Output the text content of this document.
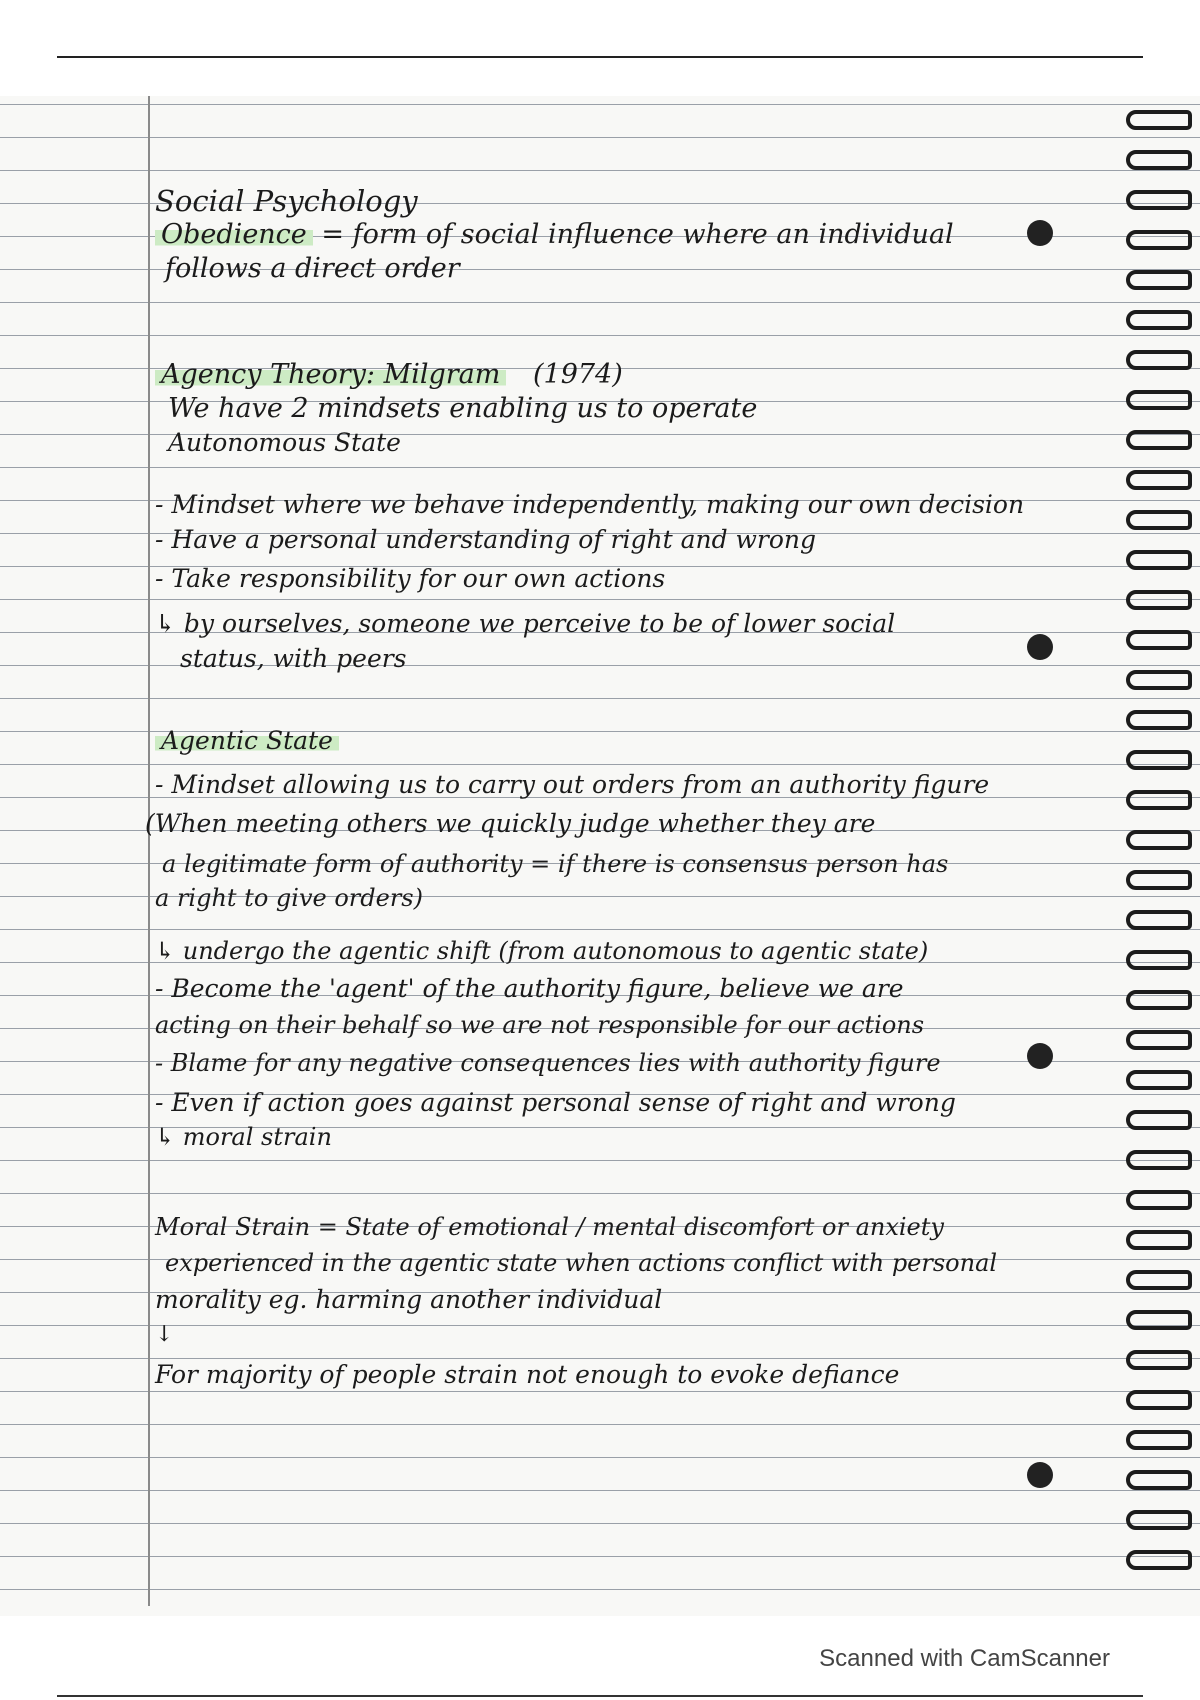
Social Psychology
Obedience = form of social influence where an individual
follows a direct order
Agency Theory: Milgram (1974)
We have 2 mindsets enabling us to operate
Autonomous State
- Mindset where we behave independently, making our own decision
- Have a personal understanding of right and wrong
- Take responsibility for our own actions
↳ by ourselves, someone we perceive to be of lower social
status, with peers
Agentic State
- Mindset allowing us to carry out orders from an authority figure
(When meeting others we quickly judge whether they are
a legitimate form of authority = if there is consensus person has
a right to give orders)
↳ undergo the agentic shift (from autonomous to agentic state)
- Become the 'agent' of the authority figure, believe we are
acting on their behalf so we are not responsible for our actions
- Blame for any negative consequences lies with authority figure
- Even if action goes against personal sense of right and wrong
↳ moral strain
Moral Strain = State of emotional / mental discomfort or anxiety
experienced in the agentic state when actions conflict with personal
morality eg. harming another individual
↓
For majority of people strain not enough to evoke defiance
Scanned with CamScanner
